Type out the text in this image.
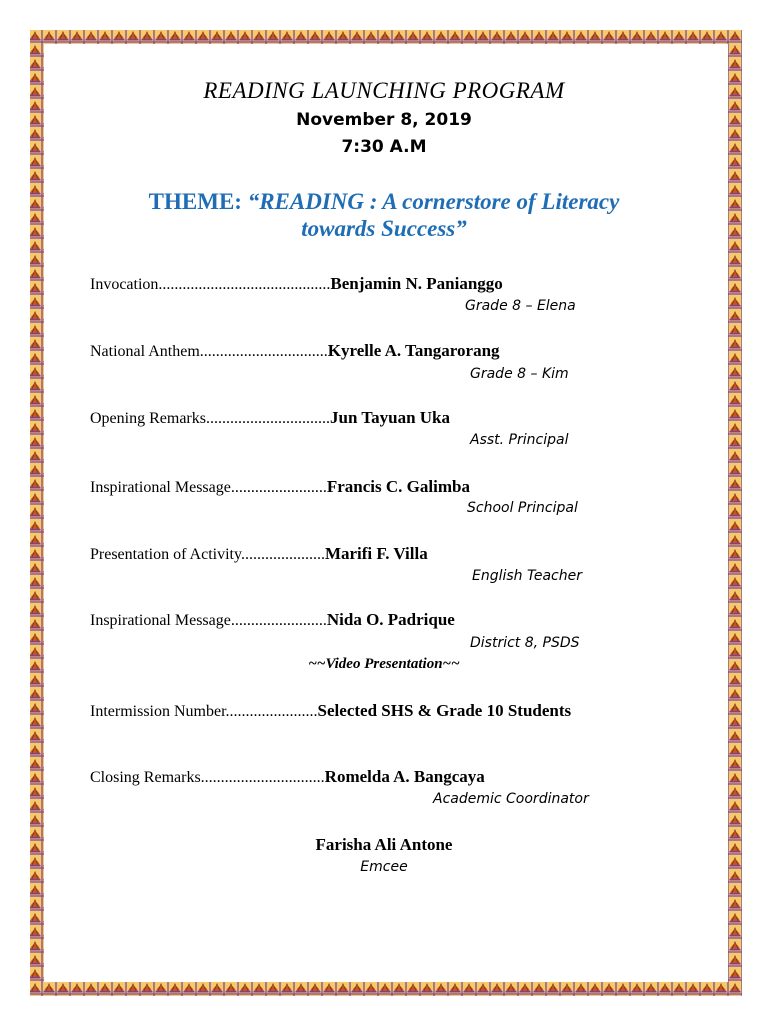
READING LAUNCHING PROGRAM
November 8, 2019
7:30 A.M
THEME: “READING : A cornerstore of Literacy
towards Success”
Invocation...........................................Benjamin N. Panianggo
Grade 8 – Elena
National Anthem................................Kyrelle A. Tangarorang
Grade 8 – Kim
Opening Remarks...............................Jun Tayuan Uka
Asst. Principal
Inspirational Message........................Francis C. Galimba
School Principal
Presentation of Activity.....................Marifi F. Villa
English Teacher
Inspirational Message........................Nida O. Padrique
District 8, PSDS
~~Video Presentation~~
Intermission Number.......................Selected SHS & Grade 10 Students
Closing Remarks...............................Romelda A. Bangcaya
Academic Coordinator
Farisha Ali Antone
Emcee
